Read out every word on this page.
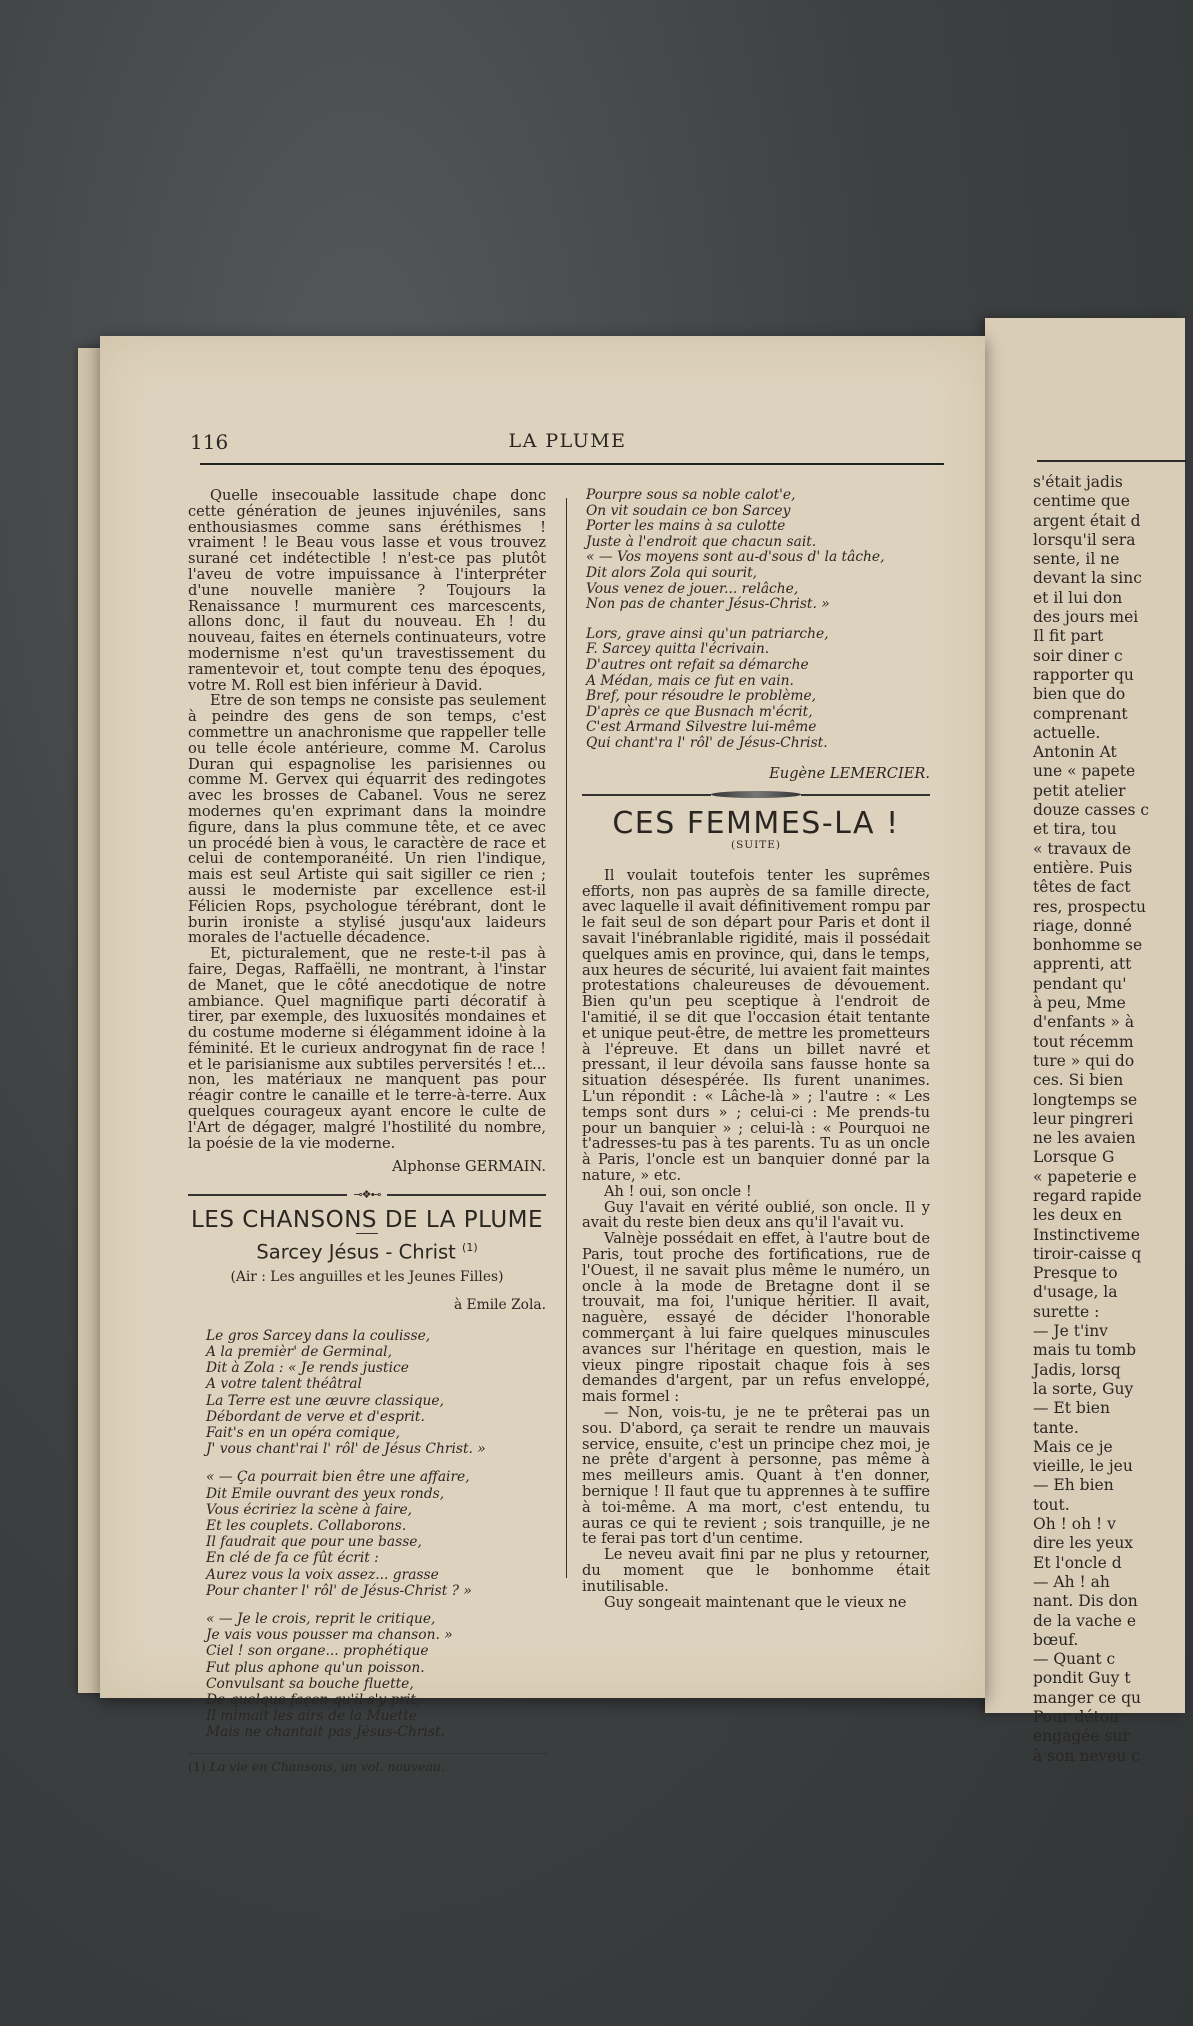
s'était jadis
centime que
argent était d
lorsqu'il sera
sente, il ne
devant la sinc
et il lui don
des jours mei
Il fit part
soir diner c
rapporter qu
bien que do
comprenant
actuelle.
Antonin At
une « papete
petit atelier
douze casses c
et tira, tou
« travaux de
entière. Puis
têtes de fact
res, prospectu
riage, donné
bonhomme se
apprenti, att
pendant qu'
à peu, Mme
d'enfants » à
tout récemm
ture » qui do
ces. Si bien
longtemps se
leur pingreri
ne les avaien
Lorsque G
« papeterie e
regard rapide
les deux en
Instinctiveme
tiroir-caisse q
Presque to
d'usage, la
surette :
— Je t'inv
mais tu tomb
Jadis, lorsq
la sorte, Guy
— Et bien
tante.
Mais ce je
vieille, le jeu
— Eh bien
tout.
Oh ! oh ! v
dire les yeux
Et l'oncle d
— Ah ! ah
nant. Dis don
de la vache e
bœuf.
— Quant c
pondit Guy t
manger ce qu
Pour détou
engagée sur
à son neveu c
116	LA PLUME

Quelle insecouable lassitude chape donc cette génération de jeunes injuvéniles, sans enthousiasmes comme sans éréthismes ! vraiment ! le Beau vous lasse et vous trouvez surané cet indétectible ! n'est-ce pas plutôt l'aveu de votre impuissance à l'interpréter d'une nouvelle manière ? Toujours la Renaissance ! murmurent ces marcescents, allons donc, il faut du nouveau. Eh ! du nouveau, faites en éternels continuateurs, votre modernisme n'est qu'un travestissement du ramentevoir et, tout compte tenu des époques, votre M. Roll est bien inférieur à David.

Etre de son temps ne consiste pas seulement à peindre des gens de son temps, c'est commettre un anachronisme que rappeller telle ou telle école antérieure, comme M. Carolus Duran qui espagnolise les parisiennes ou comme M. Gervex qui équarrit des redingotes avec les brosses de Cabanel. Vous ne serez modernes qu'en exprimant dans la moindre figure, dans la plus commune tête, et ce avec un procédé bien à vous, le caractère de race et celui de contemporanéité. Un rien l'indique, mais est seul Artiste qui sait sigiller ce rien ; aussi le moderniste par excellence est-il Félicien Rops, psychologue térébrant, dont le burin ironiste a stylisé jusqu'aux laideurs morales de l'actuelle décadence.

Et, picturalement, que ne reste-t-il pas à faire, Degas, Raffaëlli, ne montrant, à l'instar de Manet, que le côté anecdotique de notre ambiance. Quel magnifique parti décoratif à tirer, par exemple, des luxuosités mondaines et du costume moderne si élégamment idoine à la féminité. Et le curieux androgynat fin de race ! et le parisianisme aux subtiles perversités ! et... non, les matériaux ne manquent pas pour réagir contre le canaille et le terre-à-terre. Aux quelques courageux ayant encore le culte de l'Art de dégager, malgré l'hostilité du nombre, la poésie de la vie moderne.

Alphonse GERMAIN.
⊸❖⊷
LES CHANSONS DE LA PLUME
Sarcey Jésus - Christ $^{(1)}$
(Air : Les anguilles et les Jeunes Filles)
à Emile Zola.
Le gros Sarcey dans la coulisse,
A la premièr' de Germinal,
Dit à Zola : « Je rends justice
A votre talent théâtral
La Terre est une œuvre classique,
Débordant de verve et d'esprit.
Fait's en un opéra comique,
J' vous chant'rai l' rôl' de Jésus Christ. »
« — Ça pourrait bien être une affaire,
Dit Emile ouvrant des yeux ronds,
Vous écririez la scène à faire,
Et les couplets. Collaborons.
Il faudrait que pour une basse,
En clé de fa ce fût écrit :
Aurez vous la voix assez... grasse
Pour chanter l' rôl' de Jésus-Christ ? »
« — Je le crois, reprit le critique,
Je vais vous pousser ma chanson. »
Ciel ! son organe... prophétique
Fut plus aphone qu'un poisson.
Convulsant sa bouche fluette,
De quelque façon qu'il s'y prit,
Il mimait les airs de la Muette
Mais ne chantait pas Jésus-Christ.
(1) La vie en Chansons, un vol. nouveau.
Pourpre sous sa noble calot'e,
On vit soudain ce bon Sarcey
Porter les mains à sa culotte
Juste à l'endroit que chacun sait.
« — Vos moyens sont au-d'sous d' la tâche,
Dit alors Zola qui sourit,
Vous venez de jouer... relâche,
Non pas de chanter Jésus-Christ. »
Lors, grave ainsi qu'un patriarche,
F. Sarcey quitta l'écrivain.
D'autres ont refait sa démarche
A Médan, mais ce fut en vain.
Bref, pour résoudre le problème,
D'après ce que Busnach m'écrit,
C'est Armand Silvestre lui-même
Qui chant'ra l' rôl' de Jésus-Christ.
Eugène LEMERCIER.
CES FEMMES-LA !
(SUITE)

Il voulait toutefois tenter les suprêmes efforts, non pas auprès de sa famille directe, avec laquelle il avait définitivement rompu par le fait seul de son départ pour Paris et dont il savait l'inébranlable rigidité, mais il possédait quelques amis en province, qui, dans le temps, aux heures de sécurité, lui avaient fait maintes protestations chaleureuses de dévouement. Bien qu'un peu sceptique à l'endroit de l'amitié, il se dit que l'occasion était tentante et unique peut-être, de mettre les prometteurs à l'épreuve. Et dans un billet navré et pressant, il leur dévoila sans fausse honte sa situation désespérée. Ils furent unanimes. L'un répondit : « Lâche-là » ; l'autre : « Les temps sont durs » ; celui-ci : Me prends-tu pour un banquier » ; celui-là : « Pourquoi ne t'adresses-tu pas à tes parents. Tu as un oncle à Paris, l'oncle est un banquier donné par la nature, » etc.

Ah ! oui, son oncle !

Guy l'avait en vérité oublié, son oncle. Il y avait du reste bien deux ans qu'il l'avait vu.

Valnèje possédait en effet, à l'autre bout de Paris, tout proche des fortifications, rue de l'Ouest, il ne savait plus même le numéro, un oncle à la mode de Bretagne dont il se trouvait, ma foi, l'unique héritier. Il avait, naguère, essayé de décider l'honorable commerçant à lui faire quelques minuscules avances sur l'héritage en question, mais le vieux pingre ripostait chaque fois à ses demandes d'argent, par un refus enveloppé, mais formel :

— Non, vois-tu, je ne te prêterai pas un sou. D'abord, ça serait te rendre un mauvais service, ensuite, c'est un principe chez moi, je ne prête d'argent à personne, pas même à mes meilleurs amis. Quant à t'en donner, bernique ! Il faut que tu apprennes à te suffire à toi-même. A ma mort, c'est entendu, tu auras ce qui te revient ; sois tranquille, je ne te ferai pas tort d'un centime.

Le neveu avait fini par ne plus y retourner, du moment que le bonhomme était inutilisable.

Guy songeait maintenant que le vieux ne
